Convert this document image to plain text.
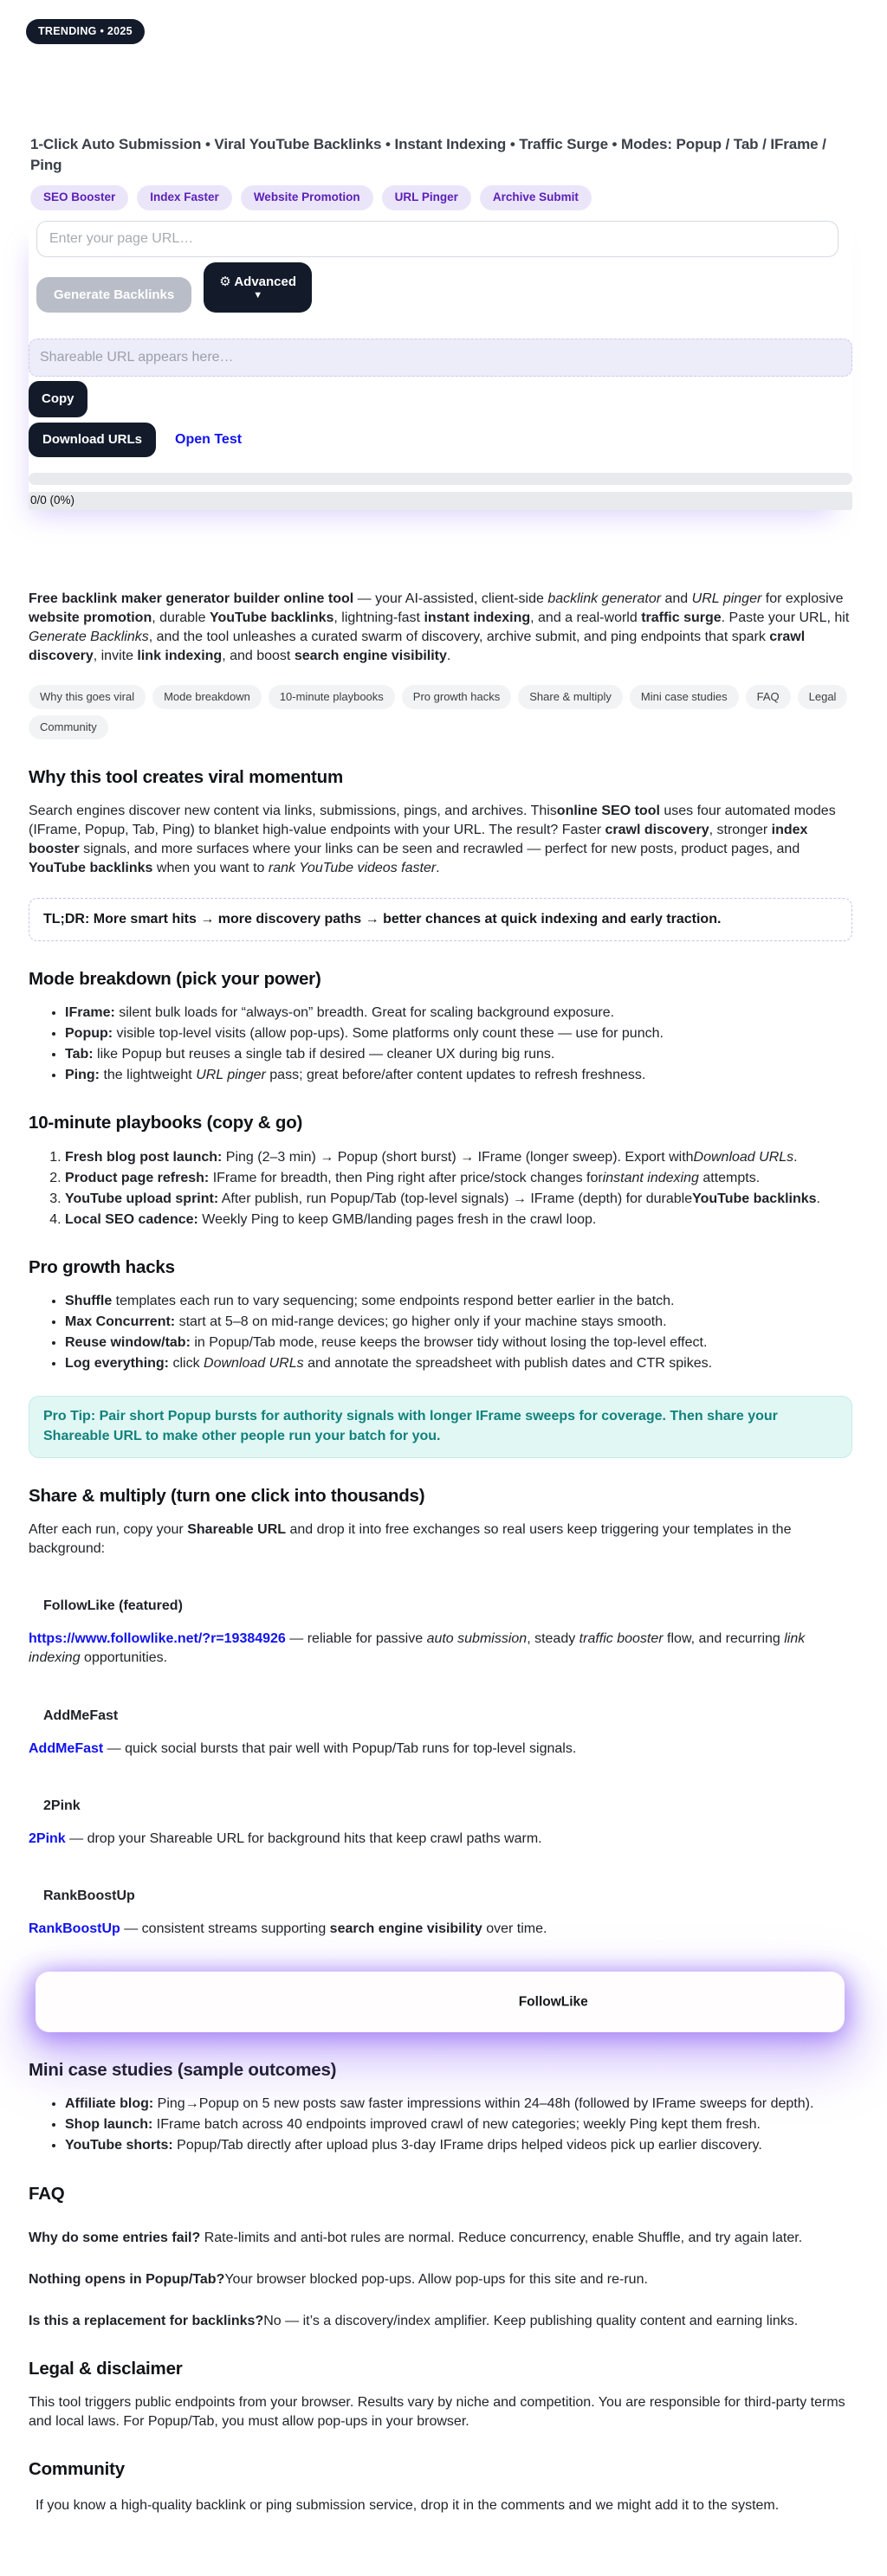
TRENDING • 2025
1-Click Auto Submission • Viral YouTube Backlinks • Instant Indexing • Traffic Surge • Modes: Popup / Tab / IFrame / Ping
SEO Booster	Index Faster	Website Promotion	URL Pinger	Archive Submit
Enter your page URL…
Generate Backlinks
⚙ Advanced
▼
Shareable URL appears here… Copy
Download URLs	Open Test
0/0 (0%)

Free backlink maker generator builder online tool — your AI-assisted, client-side backlink generator and URL pinger for explosive website promotion, durable YouTube backlinks, lightning-fast instant indexing, and a real-world traffic surge. Paste your URL, hit Generate Backlinks, and the tool unleashes a curated swarm of discovery, archive submit, and ping endpoints that spark crawl discovery, invite link indexing, and boost search engine visibility.

Why this goes viral	Mode breakdown	10-minute playbooks	Pro growth hacks	Share & multiply	Mini case studies	FAQ	Legal
Community
Why this tool creates viral momentum

Search engines discover new content via links, submissions, pings, and archives. Thisonline SEO tool uses four automated modes (IFrame, Popup, Tab, Ping) to blanket high-value endpoints with your URL. The result? Faster crawl discovery, stronger index booster signals, and more surfaces where your links can be seen and recrawled — perfect for new posts, product pages, and YouTube backlinks when you want to rank YouTube videos faster.

TL;DR: More smart hits → more discovery paths → better chances at quick indexing and early traction.
Mode breakdown (pick your power)
• IFrame: silent bulk loads for “always-on” breadth. Great for scaling background exposure.
• Popup: visible top-level visits (allow pop-ups). Some platforms only count these — use for punch.
• Tab: like Popup but reuses a single tab if desired — cleaner UX during big runs.
• Ping: the lightweight URL pinger pass; great before/after content updates to refresh freshness.
10-minute playbooks (copy & go)
1. Fresh blog post launch: Ping (2–3 min) → Popup (short burst) → IFrame (longer sweep). Export withDownload URLs.
2. Product page refresh: IFrame for breadth, then Ping right after price/stock changes forinstant indexing attempts.
3. YouTube upload sprint: After publish, run Popup/Tab (top-level signals) → IFrame (depth) for durableYouTube backlinks.
4. Local SEO cadence: Weekly Ping to keep GMB/landing pages fresh in the crawl loop.
Pro growth hacks
• Shuffle templates each run to vary sequencing; some endpoints respond better earlier in the batch.
• Max Concurrent: start at 5–8 on mid-range devices; go higher only if your machine stays smooth.
• Reuse window/tab: in Popup/Tab mode, reuse keeps the browser tidy without losing the top-level effect.
• Log everything: click Download URLs and annotate the spreadsheet with publish dates and CTR spikes.
Pro Tip: Pair short Popup bursts for authority signals with longer IFrame sweeps for coverage. Then share your Shareable URL to make other people run your batch for you.
Share & multiply (turn one click into thousands)

After each run, copy your Shareable URL and drop it into free exchanges so real users keep triggering your templates in the background:

FollowLike (featured)

https://www.followlike.net/?r=19384926 — reliable for passive auto submission, steady traffic booster flow, and recurring link indexing opportunities.

AddMeFast

AddMeFast — quick social bursts that pair well with Popup/Tab runs for top-level signals.

2Pink

2Pink — drop your Shareable URL for background hits that keep crawl paths warm.

RankBoostUp

RankBoostUp — consistent streams supporting search engine visibility over time.

FollowLike
Mini case studies (sample outcomes)
• Affiliate blog: Ping→Popup on 5 new posts saw faster impressions within 24–48h (followed by IFrame sweeps for depth).
• Shop launch: IFrame batch across 40 endpoints improved crawl of new categories; weekly Ping kept them fresh.
• YouTube shorts: Popup/Tab directly after upload plus 3-day IFrame drips helped videos pick up earlier discovery.
FAQ

Why do some entries fail? Rate-limits and anti-bot rules are normal. Reduce concurrency, enable Shuffle, and try again later.

Nothing opens in Popup/Tab?Your browser blocked pop-ups. Allow pop-ups for this site and re-run.

Is this a replacement for backlinks?No — it’s a discovery/index amplifier. Keep publishing quality content and earning links.

Legal & disclaimer

This tool triggers public endpoints from your browser. Results vary by niche and competition. You are responsible for third-party terms and local laws. For Popup/Tab, you must allow pop-ups in your browser.

Community

If you know a high-quality backlink or ping submission service, drop it in the comments and we might add it to the system.
